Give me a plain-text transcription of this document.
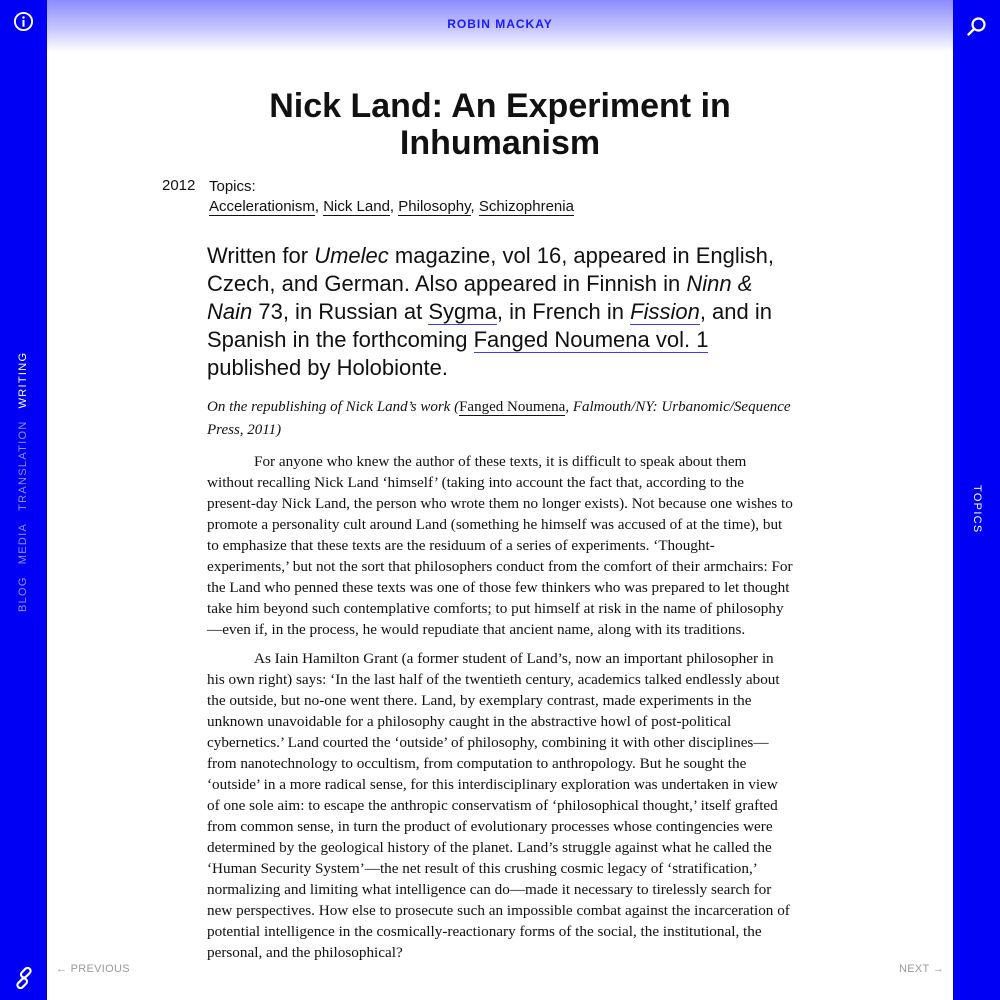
ROBIN MACKAY
BLOGMEDIATRANSLATIONWRITING
TOPICS
Nick Land: An Experiment in Inhumanism
2012 Topics:
Accelerationism, Nick Land, Philosophy, Schizophrenia

Written for Umelec magazine, vol 16, appeared in English, Czech, and German. Also appeared in Finnish in Ninn & Nain 73, in Russian at Sygma, in French in Fission, and in Spanish in the forthcoming Fanged Noumena vol. 1 published by Holobionte.

On the republishing of Nick Land’s work (Fanged Noumena, Falmouth/NY: Urbanomic/Sequence Press, 2011)

For anyone who knew the author of these texts, it is difficult to speak about them without recalling Nick Land ‘himself’ (taking into account the fact that, according to the present-day Nick Land, the person who wrote them no longer exists). Not because one wishes to promote a personality cult around Land (something he himself was accused of at the time), but to emphasize that these texts are the residuum of a series of experiments. ‘Thought-experiments,’ but not the sort that philosophers conduct from the comfort of their armchairs: For the Land who penned these texts was one of those few thinkers who was prepared to let thought take him beyond such contemplative comforts; to put himself at risk in the name of philosophy—even if, in the process, he would repudiate that ancient name, along with its traditions.

As Iain Hamilton Grant (a former student of Land’s, now an important philosopher in his own right) says: ‘In the last half of the twentieth century, academics talked endlessly about the outside, but no-one went there. Land, by exemplary contrast, made experiments in the unknown unavoidable for a philosophy caught in the abstractive howl of post-political cybernetics.’ Land courted the ‘outside’ of philosophy, combining it with other disciplines—from nanotechnology to occultism, from computation to anthropology. But he sought the ‘outside’ in a more radical sense, for this interdisciplinary exploration was undertaken in view of one sole aim: to escape the anthropic conservatism of ‘philosophical thought,’ itself grafted from common sense, in turn the product of evolutionary processes whose contingencies were determined by the geological history of the planet. Land’s struggle against what he called the ‘Human Security System’—the net result of this crushing cosmic legacy of ‘stratification,’ normalizing and limiting what intelligence can do—made it necessary to tirelessly search for new perspectives. How else to prosecute such an impossible combat against the incarceration of potential intelligence in the cosmically-reactionary forms of the social, the institutional, the personal, and the philosophical?

← PREVIOUS	NEXT →
